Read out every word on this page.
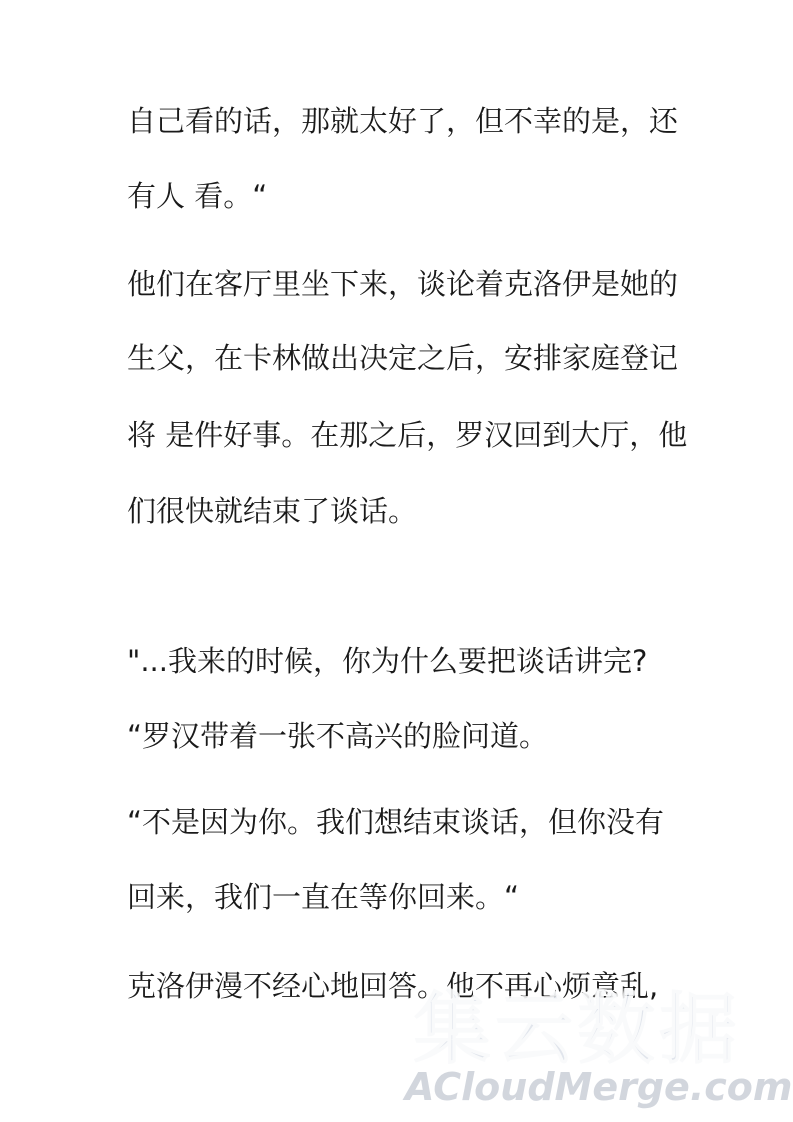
自己看的话，那就太好了，但不幸的是，还
有人 看。“
他们在客厅里坐下来，谈论着克洛伊是她的
生父，在卡林做出决定之后，安排家庭登记
将 是件好事。在那之后，罗汉回到大厅，他
们很快就结束了谈话。
"...我来的时候，你为什么要把谈话讲完?
“罗汉带着一张不高兴的脸问道。
“不是因为你。我们想结束谈话，但你没有
回来，我们一直在等你回来。“
克洛伊漫不经心地回答。他不再心烦意乱,
集云数据
ACloudMerge.com
